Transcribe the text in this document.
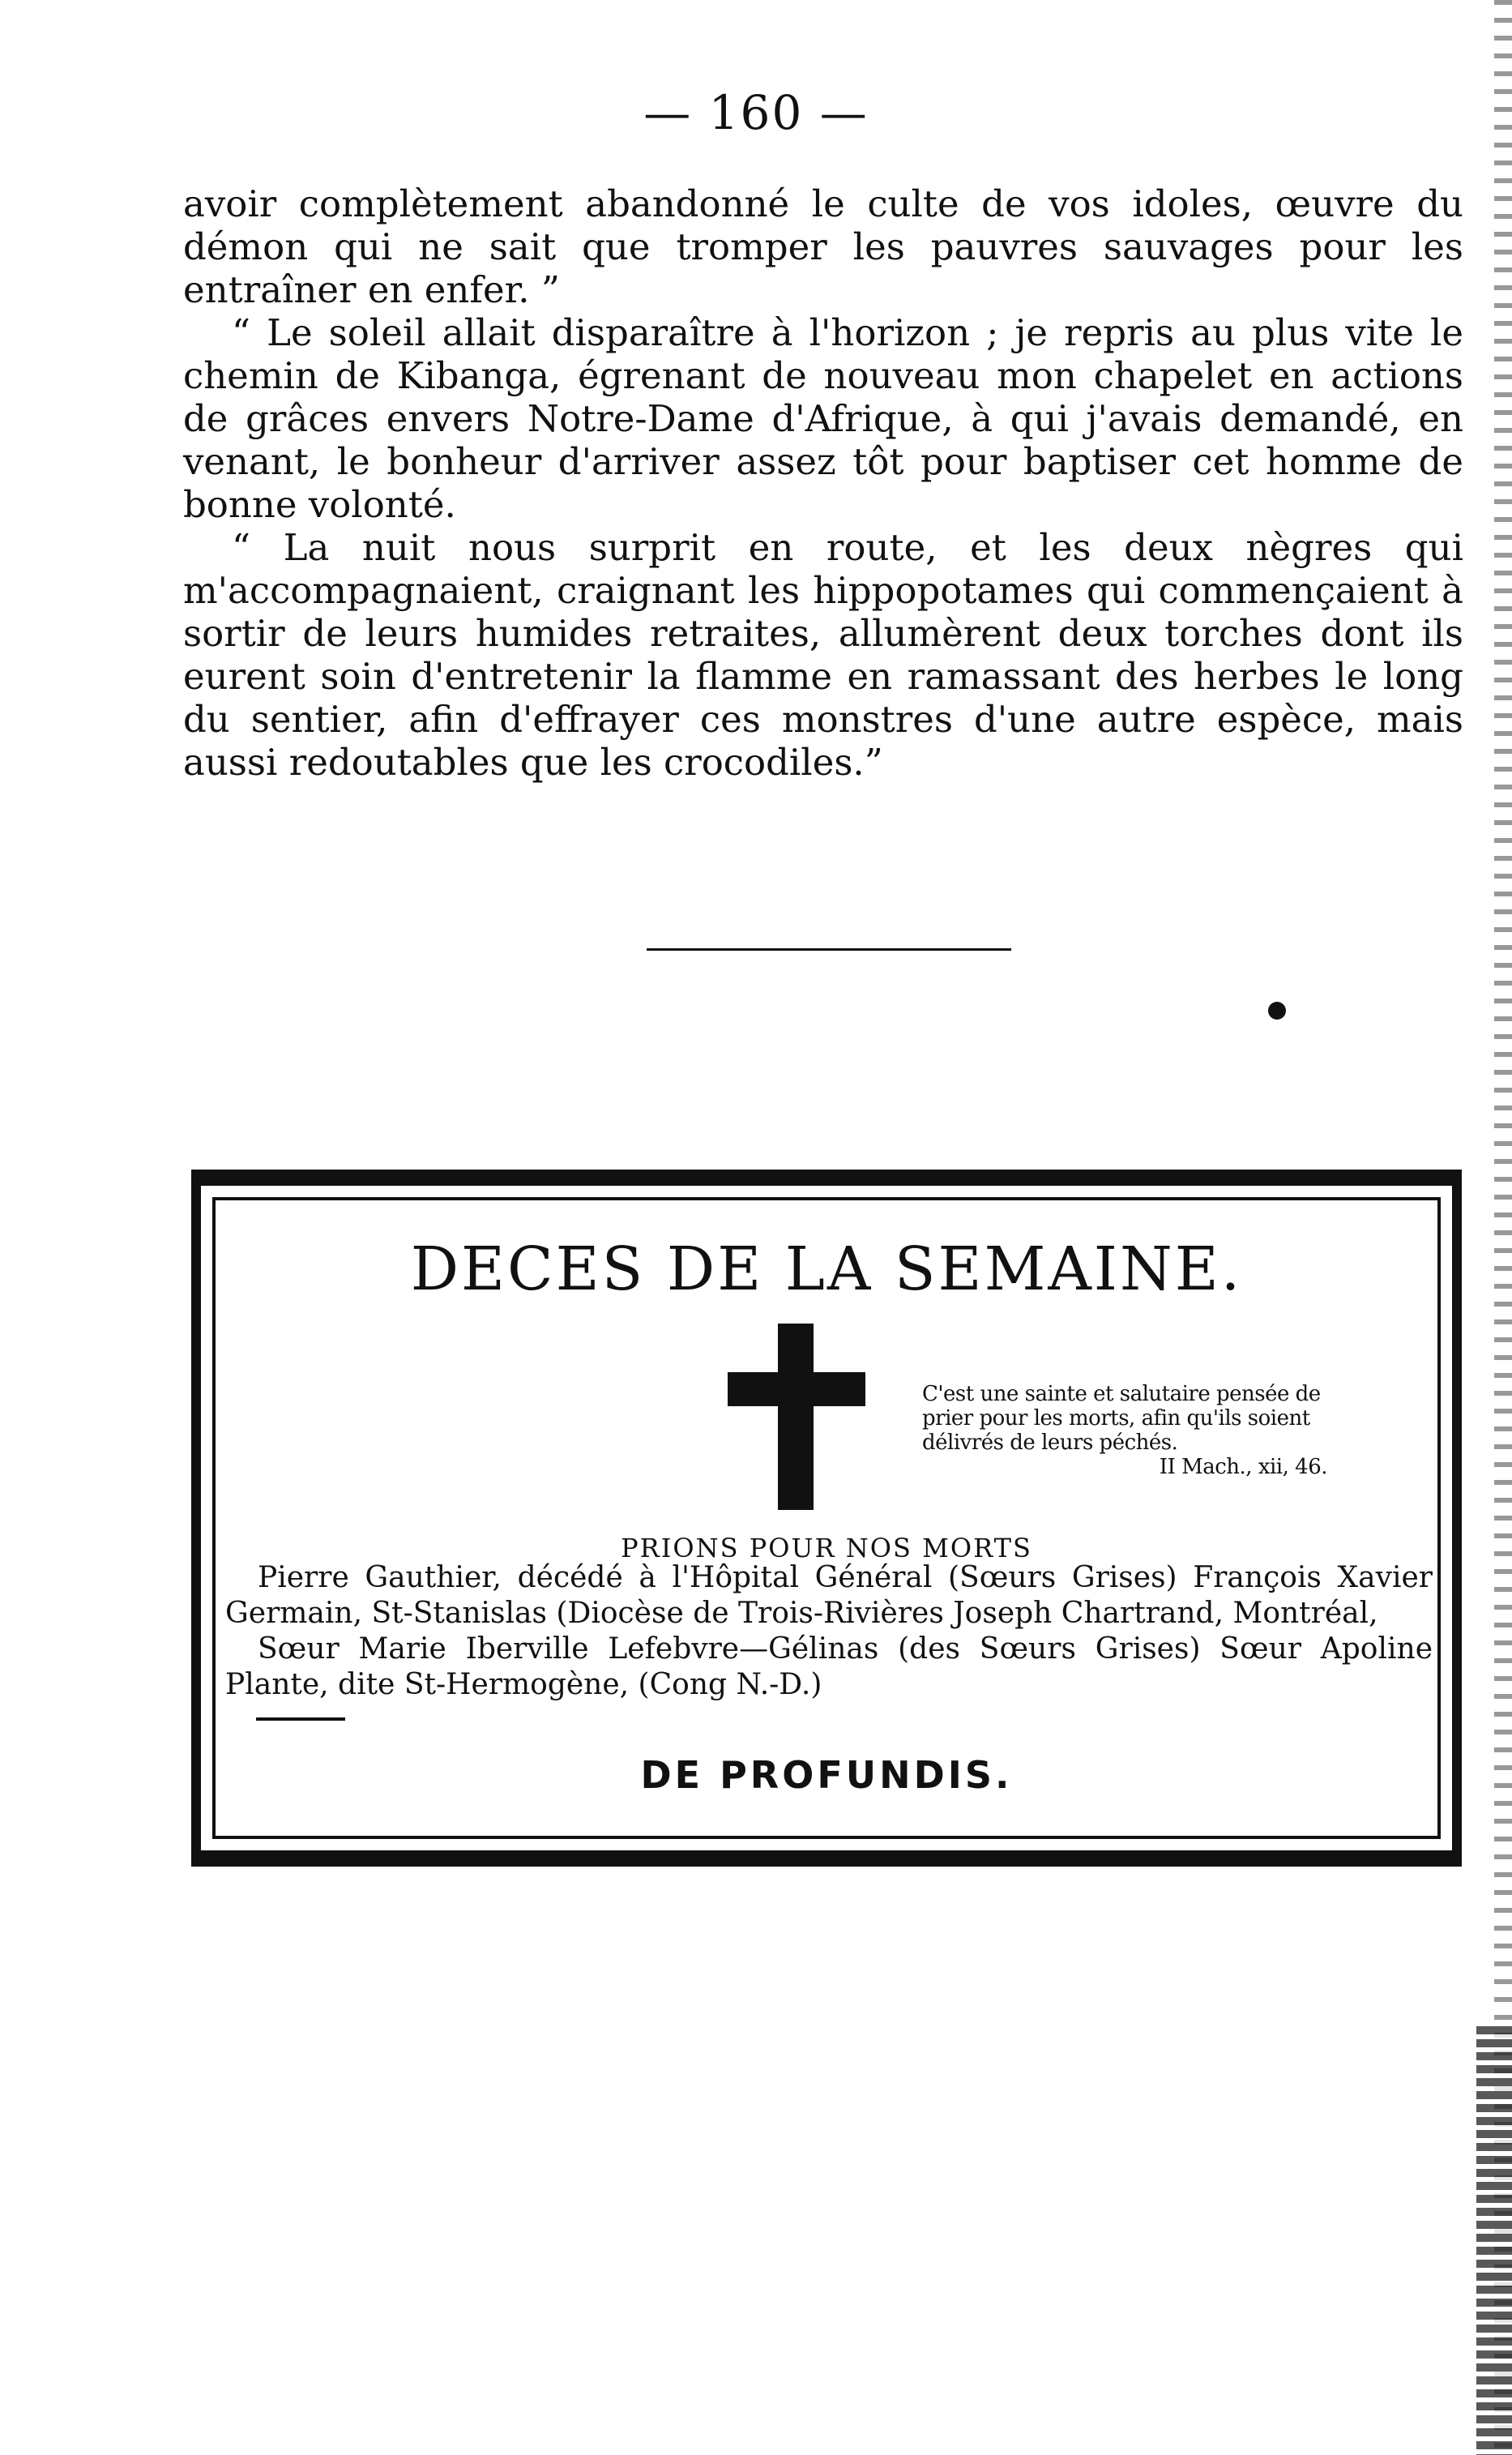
— 160 —

avoir complètement abandonné le culte de vos idoles, œuvre du démon qui ne sait que tromper les pauvres sauvages pour les entraîner en enfer. ”

“ Le soleil allait disparaître à l'horizon ; je repris au plus vite le chemin de Kibanga, égrenant de nouveau mon chapelet en actions de grâces envers Notre-Dame d'Afrique, à qui j'avais demandé, en venant, le bonheur d'arriver assez tôt pour baptiser cet homme de bonne volonté.

“ La nuit nous surprit en route, et les deux nègres qui m'accompagnaient, craignant les hippopotames qui commençaient à sortir de leurs humides retraites, allumèrent deux torches dont ils eurent soin d'entretenir la flamme en ramassant des herbes le long du sentier, afin d'effrayer ces monstres d'une autre espèce, mais aussi redoutables que les crocodiles.”

DECES DE LA SEMAINE.
C'est une sainte et salutaire pensée de
prier pour les morts, afin qu'ils soient
délivrés de leurs péchés.
II Mach., xii, 46.
PRIONS POUR NOS MORTS

Pierre Gauthier, décédé à l'Hôpital Général (Sœurs Grises) François Xavier Germain, St-Stanislas (Diocèse de Trois-Rivières Joseph Chartrand, Montréal,

Sœur Marie Iberville Lefebvre—Gélinas (des Sœurs Grises) Sœur Apoline Plante, dite St-Hermogène, (Cong N.-D.)

DE PROFUNDIS.
